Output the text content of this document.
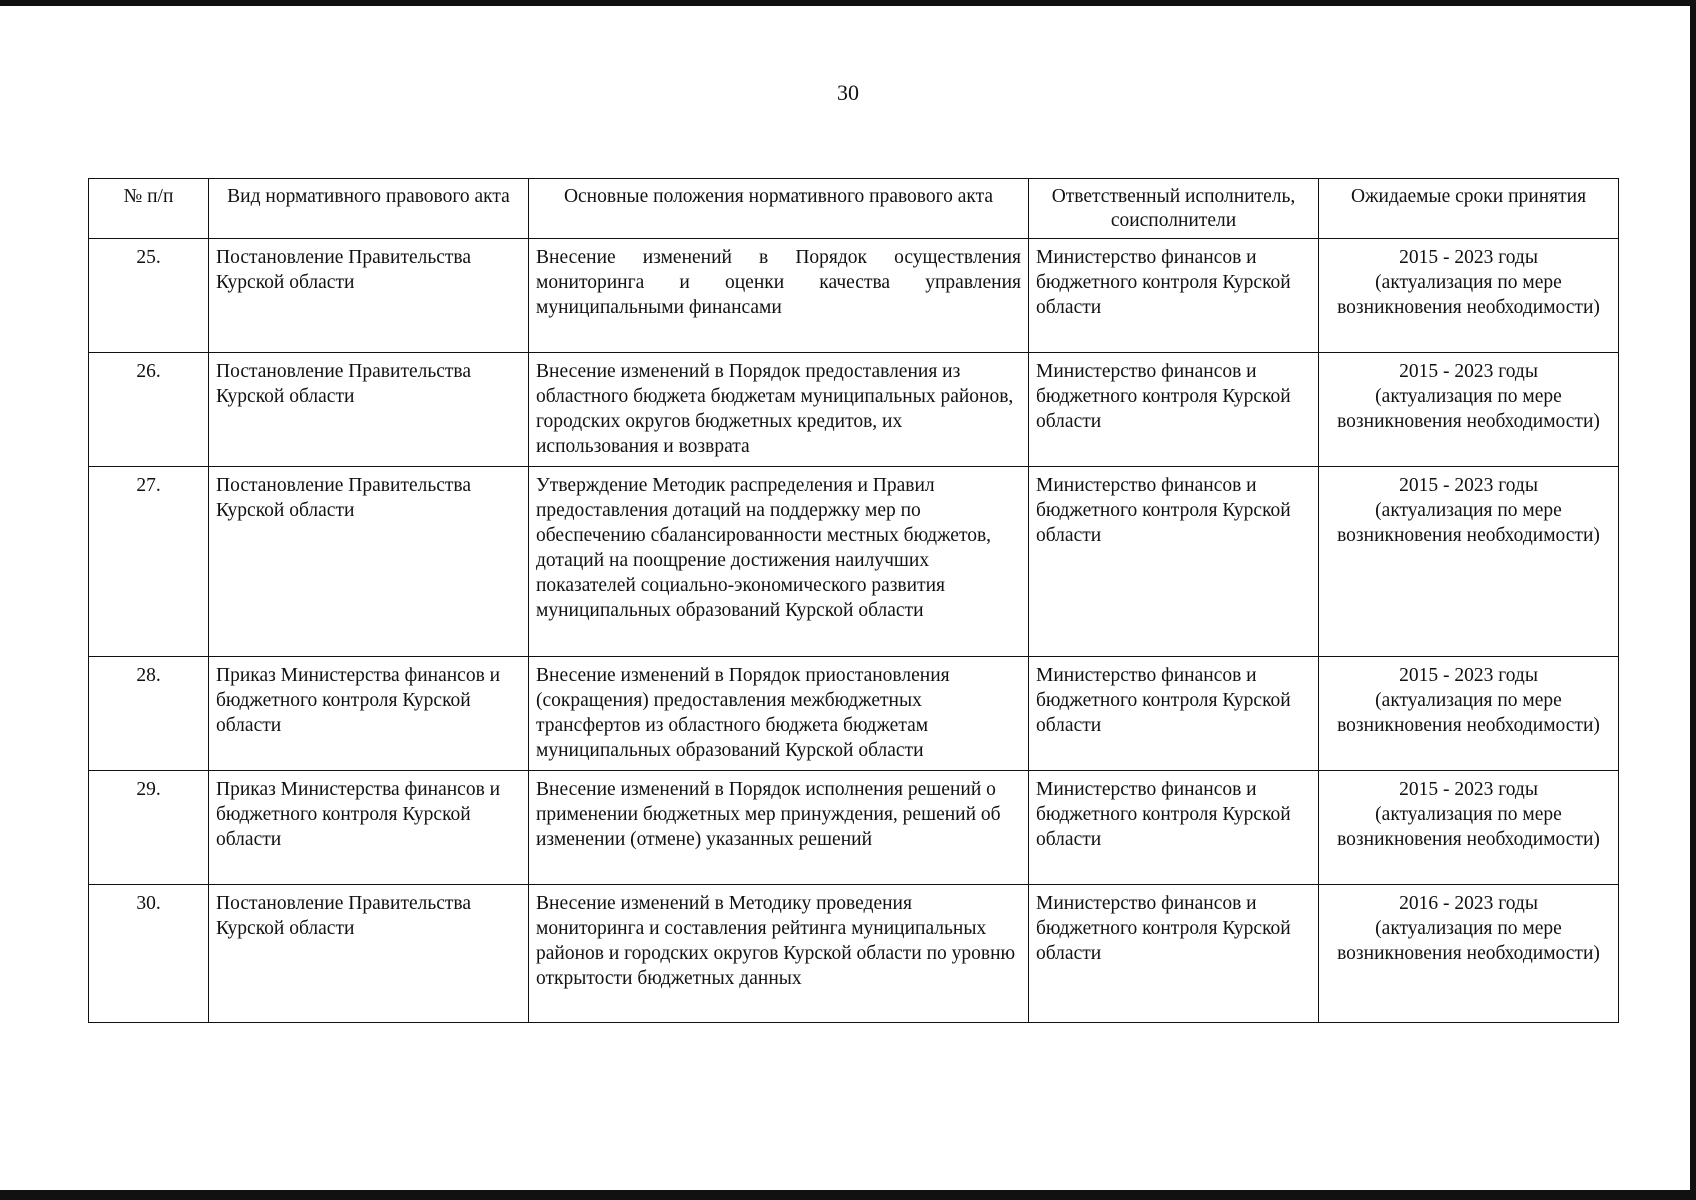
30
№ п/п	Вид нормативного правового акта	Основные положения нормативного правового акта	Ответственный исполнитель, соисполнители	Ожидаемые сроки принятия
25.	Постановление Правительства Курской области	Внесение изменений в Порядок осуществления мониторинга и оценки качества управления муниципальными финансами	Министерство финансов и бюджетного контроля Курской области	2015 - 2023 годы
(актуализация по мере возникновения необходимости)

26.	Постановление Правительства Курской области	Внесение изменений в Порядок предоставления из областного бюджета бюджетам муниципальных районов, городских округов бюджетных кредитов, их использования и возврата	Министерство финансов и бюджетного контроля Курской области	2015 - 2023 годы
(актуализация по мере возникновения необходимости)

27.	Постановление Правительства Курской области	Утверждение Методик распределения и Правил предоставления дотаций на поддержку мер по обеспечению сбалансированности местных бюджетов, дотаций на поощрение достижения наилучших показателей социально-экономического развития муниципальных образований Курской области	Министерство финансов и бюджетного контроля Курской области	2015 - 2023 годы
(актуализация по мере возникновения необходимости)

28.	Приказ Министерства финансов и бюджетного контроля Курской области	Внесение изменений в Порядок приостановления (сокращения) предоставления межбюджетных трансфертов из областного бюджета бюджетам муниципальных образований Курской области	Министерство финансов и бюджетного контроля Курской области	2015 - 2023 годы
(актуализация по мере возникновения необходимости)

29.	Приказ Министерства финансов и бюджетного контроля Курской области	Внесение изменений в Порядок исполнения решений о применении бюджетных мер принуждения, решений об изменении (отмене) указанных решений	Министерство финансов и бюджетного контроля Курской области	2015 - 2023 годы
(актуализация по мере возникновения необходимости)

30.	Постановление Правительства Курской области	Внесение изменений в Методику проведения мониторинга и составления рейтинга муниципальных районов и городских округов Курской области по уровню открытости бюджетных данных	Министерство финансов и бюджетного контроля Курской области	2016 - 2023 годы
(актуализация по мере возникновения необходимости)
